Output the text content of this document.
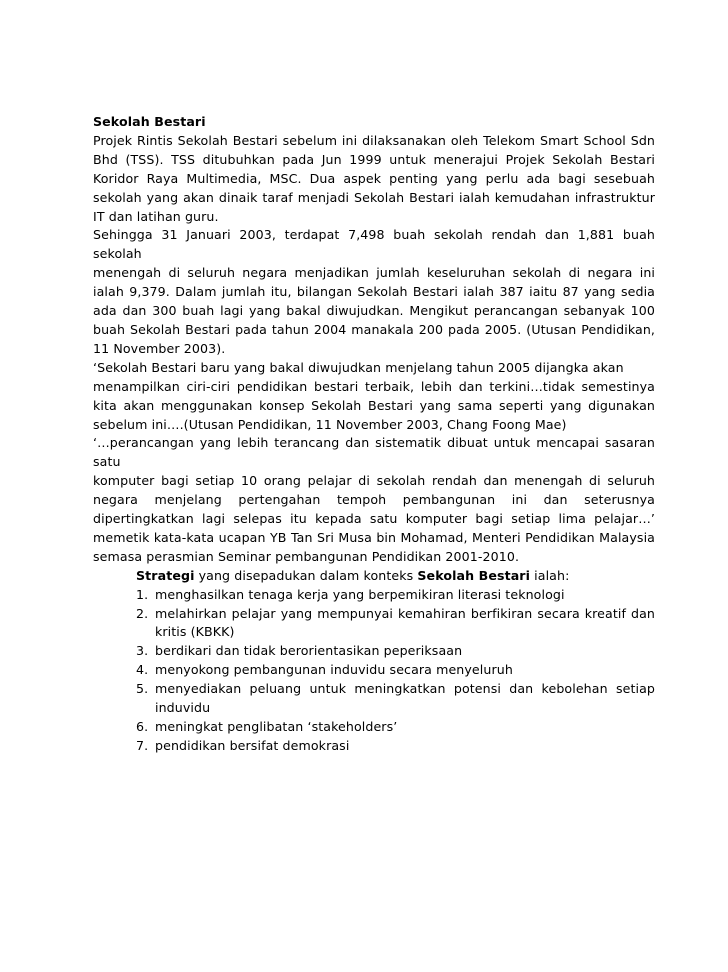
Sekolah Bestari

Projek Rintis Sekolah Bestari sebelum ini dilaksanakan oleh Telekom Smart School Sdn Bhd (TSS). TSS ditubuhkan pada Jun 1999 untuk menerajui Projek Sekolah Bestari Koridor Raya Multimedia, MSC. Dua aspek penting yang perlu ada bagi sesebuah sekolah yang akan dinaik taraf menjadi Sekolah Bestari ialah kemudahan infrastruktur IT dan latihan guru.

Sehingga 31 Januari 2003, terdapat 7,498 buah sekolah rendah dan 1,881 buah sekolah

menengah di seluruh negara menjadikan jumlah keseluruhan sekolah di negara ini ialah 9,379. Dalam jumlah itu, bilangan Sekolah Bestari ialah 387 iaitu 87 yang sedia ada dan 300 buah lagi yang bakal diwujudkan. Mengikut perancangan sebanyak 100 buah Sekolah Bestari pada tahun 2004 manakala 200 pada 2005. (Utusan Pendidikan, 11 November 2003).

‘Sekolah Bestari baru yang bakal diwujudkan menjelang tahun 2005 dijangka akan

menampilkan ciri-ciri pendidikan bestari terbaik, lebih dan terkini…tidak semestinya kita akan menggunakan konsep Sekolah Bestari yang sama seperti yang digunakan sebelum ini….(Utusan Pendidikan, 11 November 2003, Chang Foong Mae)

‘…perancangan yang lebih terancang dan sistematik dibuat untuk mencapai sasaran satu

komputer bagi setiap 10 orang pelajar di sekolah rendah dan menengah di seluruh negara menjelang pertengahan tempoh pembangunan ini dan seterusnya dipertingkatkan lagi selepas itu kepada satu komputer bagi setiap lima pelajar…’ memetik kata-kata ucapan YB Tan Sri Musa bin Mohamad, Menteri Pendidikan Malaysia semasa perasmian Seminar pembangunan Pendidikan 2001-2010.

Strategi yang disepadukan dalam konteks Sekolah Bestari ialah:

1. menghasilkan tenaga kerja yang berpemikiran literasi teknologi
2. melahirkan pelajar yang mempunyai kemahiran berfikiran secara kreatif dan kritis (KBKK)
3. berdikari dan tidak berorientasikan peperiksaan
4. menyokong pembangunan induvidu secara menyeluruh
5. menyediakan peluang untuk meningkatkan potensi dan kebolehan setiap induvidu
6. meningkat penglibatan ‘stakeholders’
7. pendidikan bersifat demokrasi
